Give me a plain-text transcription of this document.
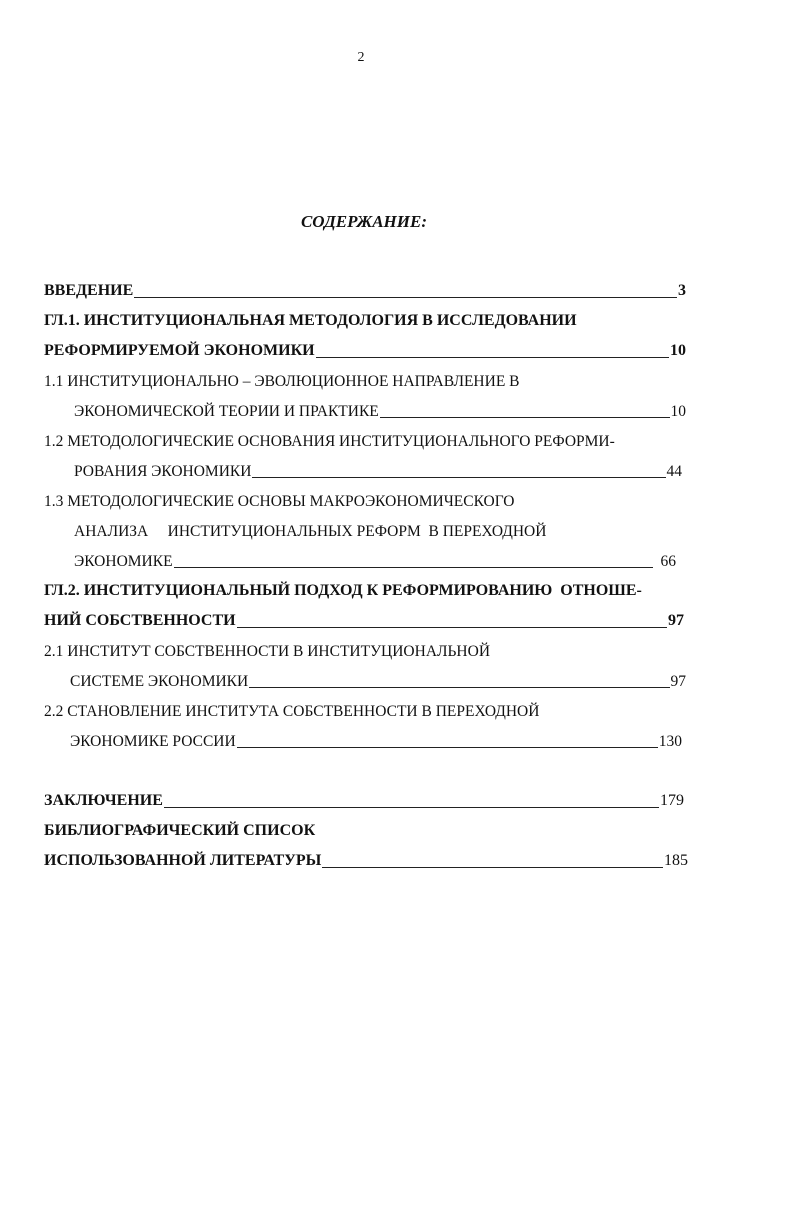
2
СОДЕРЖАНИЕ:
ВВЕДЕНИЕ	3
ГЛ.1. ИНСТИТУЦИОНАЛЬНАЯ МЕТОДОЛОГИЯ В ИССЛЕДОВАНИИ
РЕФОРМИРУЕМОЙ ЭКОНОМИКИ	10
1.1 ИНСТИТУЦИОНАЛЬНО – ЭВОЛЮЦИОННОЕ НАПРАВЛЕНИЕ В
ЭКОНОМИЧЕСКОЙ ТЕОРИИ И ПРАКТИКЕ	10
1.2 МЕТОДОЛОГИЧЕСКИЕ ОСНОВАНИЯ ИНСТИТУЦИОНАЛЬНОГО РЕФОРМИ-
РОВАНИЯ ЭКОНОМИКИ	44
1.3 МЕТОДОЛОГИЧЕСКИЕ ОСНОВЫ МАКРОЭКОНОМИЧЕСКОГО
АНАЛИЗА     ИНСТИТУЦИОНАЛЬНЫХ РЕФОРМ  В ПЕРЕХОДНОЙ
ЭКОНОМИКЕ	66
ГЛ.2. ИНСТИТУЦИОНАЛЬНЫЙ ПОДХОД К РЕФОРМИРОВАНИЮ  ОТНОШЕ-
НИЙ СОБСТВЕННОСТИ	97
2.1 ИНСТИТУТ СОБСТВЕННОСТИ В ИНСТИТУЦИОНАЛЬНОЙ
СИСТЕМЕ ЭКОНОМИКИ	97
2.2 СТАНОВЛЕНИЕ ИНСТИТУТА СОБСТВЕННОСТИ В ПЕРЕХОДНОЙ
ЭКОНОМИКЕ РОССИИ	130
ЗАКЛЮЧЕНИЕ	179
БИБЛИОГРАФИЧЕСКИЙ СПИСОК
ИСПОЛЬЗОВАННОЙ ЛИТЕРАТУРЫ	185
